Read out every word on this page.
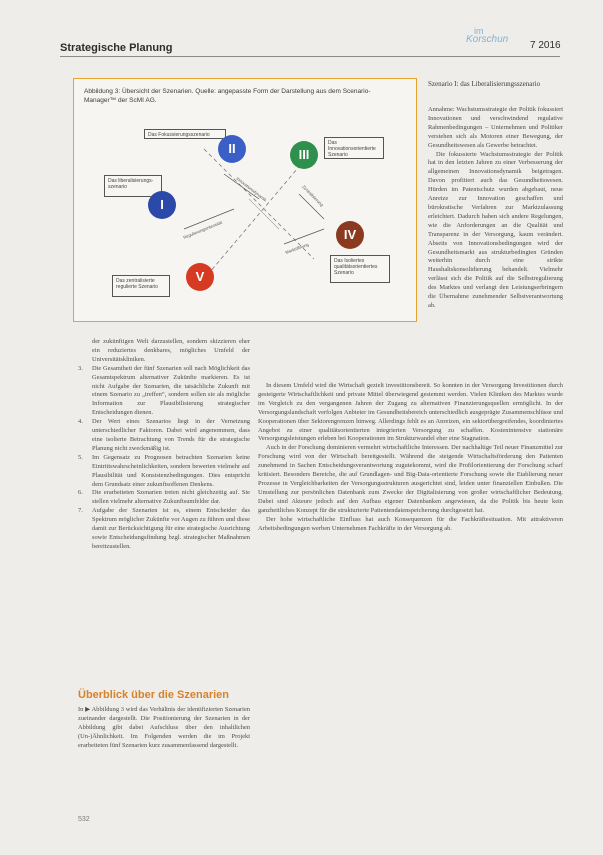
Strategische Planung
im
Korschun
7 2016
Abbildung 3: Übersicht der Szenarien. Quelle: angepasste Form der Darstellung aus dem Scenario-Manager™ der ScMI AG.
Innovationsdynamik
Regulierungsintensität
Zentralisierung
Marktöffnung
Das Fokussierungsszenario
Das Innovationsorientierte Szenario
Das liberalisierungs-szenario
Das Isoliertes qualitätsorientiertes Szenario
Das zentralisierte regulierte Szenario
II	III
I
IV
V

der zukünftigen Welt darzustellen, sondern skizzieren eher ein reduziertes denkbares, mögliches Umfeld der Universitätskliniken.

3. Die Gesamtheit der fünf Szenarien soll nach Möglichkeit das Gesamtspektrum alternativer Zukünfte markieren. Es ist nicht Aufgabe der Szenarien, die tatsächliche Zukunft mit einem Szenario zu „treffen“, sondern sollen sie als mögliche Information zur Plausibilisierung strategischer Entscheidungen dienen.
4. Der Wert eines Szenarios liegt in der Vernetzung unterschiedlicher Faktoren. Dabei wird angenommen, dass eine isolierte Betrachtung von Trends für die strategische Planung nicht zweckmäßig ist.
5. Im Gegensatz zu Prognosen betrachten Szenarien keine Eintrittswahrscheinlichkeiten, sondern bewerten vielmehr auf Plausibilität und Konsistenzbedingungen. Dies entspricht dem Grundsatz einer zukunftsoffenen Denkens.
6. Die erarbeiteten Szenarien treten nicht gleichzeitig auf. Sie stellen vielmehr alternative Zukunftsumfelder dar.
7. Aufgabe der Szenarien ist es, einem Entscheider das Spektrum möglicher Zukünfte vor Augen zu führen und diese damit zur Berücksichtigung für eine strategische Ausrichtung sowie Entscheidungsfindung bzgl. strategischer Maßnahmen bereitzustellen.
Überblick über die Szenarien
In ▶ Abbildung 3 wird das Verhältnis der identifizierten Szenarien zueinander dargestellt. Die Positionierung der Szenarien in der Abbildung gibt dabei Aufschluss über den inhaltlichen (Un-)Ähnlichkeit. Im Folgenden werden die im Projekt erarbeiteten fünf Szenarien kurz zusammenfassend dargestellt.
Szenario I: das Liberalisierungsszenario

Annahme: Wachstumsstrategie der Politik fokussiert Innovationen und verschwindend regulative Rahmenbedingungen – Unternehmen und Politiker verstehen sich als Motoren einer Bewegung, der Gesundheitswesen als Gewerbe betrachtet.

Die fokussierte Wachstumsstrategie der Politik hat in den letzten Jahren zu einer Verbesserung der allgemeinen Innovationsdynamik beigetragen. Davon profitiert auch das Gesundheitswesen. Hürden im Patentschutz wurden abgebaut, neue Anreize zur Innovation geschaffen und bürokratische Verfahren zur Marktzulassung erleichtert. Dadurch haben sich andere Regelungen, wie die Anforderungen an die Qualität und Transparenz in der Versorgung, kaum verändert. Abseits von Innovationsbedingungen wird der Gesundheitsmarkt aus strukturbedingten Gründen weiterhin durch eine strikte Haushaltskonsolidierung behandelt. Vielmehr verlässt sich die Politik auf die Selbstregulierung des Marktes und verlangt den Leistungserbringern die Übernahme zunehmender Selbstverantwortung ab.

In diesem Umfeld wird die Wirtschaft gezielt investitionsbereit. So konnten in der Versorgung Investitionen durch gesteigerte Wirtschaftlichkeit und private Mittel überwiegend gestemmt werden. Vielen Kliniken des Marktes wurde im Vergleich zu den vergangenen Jahren der Zugang zu alternativen Finanzierungsquellen ermöglicht. In der Versorgungslandschaft verfolgen Anbieter im Gesundheitsbereich unterschiedlich ausgeprägte Zusammenschlüsse und Kooperationen über Sektorengrenzen hinweg. Allerdings fehlt es an Anreizen, ein sektorübergreifendes, koordiniertes Angebot zu einer qualitätsorientierten integrierten Versorgung zu schaffen. Kostenintensive stationäre Versorgungsleistungen erleben bei Kooperationen im Strukturwandel eher eine Stagnation.

Auch in der Forschung dominieren vermehrt wirtschaftliche Interessen. Der nachhaltige Teil neuer Finanzmittel zur Forschung wird von der Wirtschaft bereitgestellt. Während die steigende Wirtschaftsförderung den Patienten zunehmend in Sachen Entscheidungsverantwortung zugutekommt, wird die Profilorientierung der Forschung scharf kritisiert. Besonders Bereiche, die auf Grundlagen- und Big-Data-orientierte Forschung sowie die Etablierung neuer Prozesse in Vergleichbarkeiten der Versorgungsstrukturen ausgerichtet sind, leiden unter finanziellen Einbußen. Die Umstellung zur persönlichen Datenbank zum Zwecke der Digitalisierung von großer wirtschaftlicher Bedeutung. Dabei sind Akteure jedoch auf den Aufbau eigener Datenbanken angewiesen, da die Politik bis heute kein ganzheitliches Konzept für die strukturierte Patientendatenspeicherung durchgesetzt hat.

Der hohe wirtschaftliche Einfluss hat auch Konsequenzen für die Fachkräftesituation. Mit attraktiveren Arbeitsbedingungen werben Unternehmen Fachkräfte in der Versorgung ab.

532
